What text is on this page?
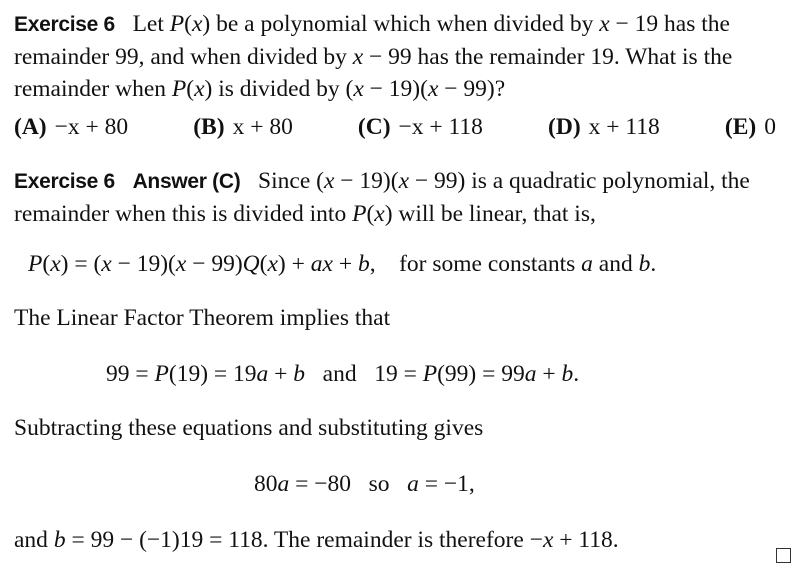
Exercise 6   Let P(x) be a polynomial which when divided by x − 19 has the remainder 99, and when divided by x − 99 has the remainder 19. What is the remainder when P(x) is divided by (x − 19)(x − 99)?

(A) −x + 80	(B) x + 80	(C) −x + 118	(D) x + 118	(E) 0

Exercise 6 Answer (C)   Since (x − 19)(x − 99) is a quadratic polynomial, the remainder when this is divided into P(x) will be linear, that is,

P(x) = (x − 19)(x − 99)Q(x) + ax + b,    for some constants a and b.

The Linear Factor Theorem implies that

99 = P(19) = 19a + b   and   19 = P(99) = 99a + b.

Subtracting these equations and substituting gives

80a = −80   so   a = −1,

and b = 99 − (−1)19 = 118. The remainder is therefore −x + 118.
